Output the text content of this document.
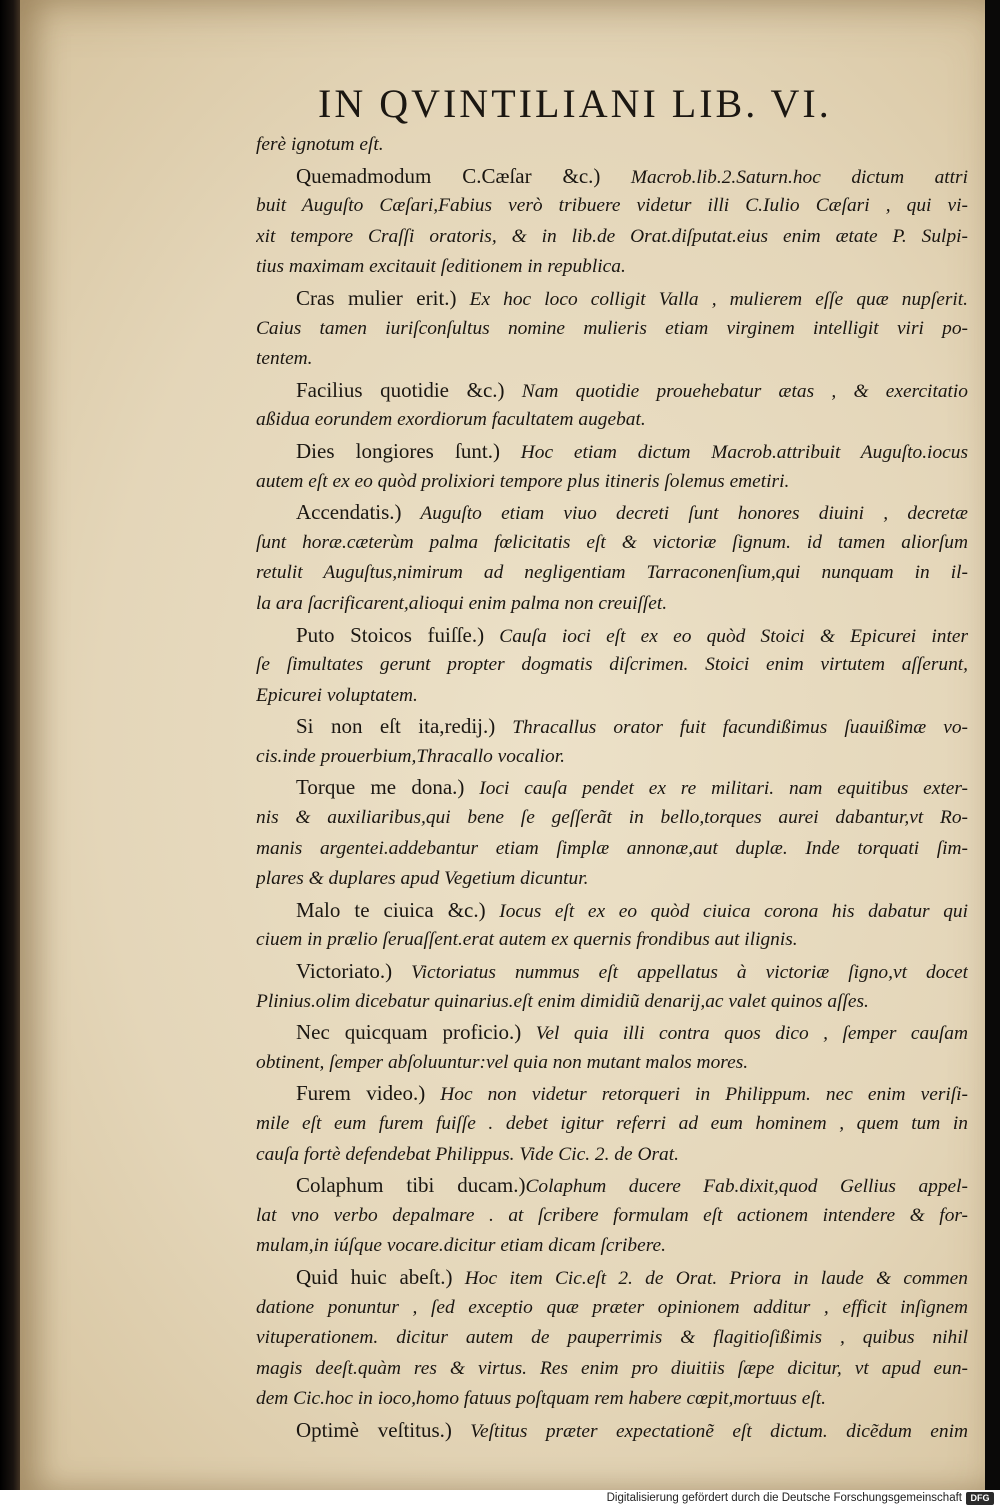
IN QVINTILIANI LIB. VI.
ferè ignotum eſt.
Quemadmodum C.Cæſar &c.) Macrob.lib.2.Saturn.hoc dictum attri
buit Auguſto Cæſari,Fabius verò tribuere videtur illi C.Iulio Cæſari , qui vi-
xit tempore Craſſi oratoris, & in lib.de Orat.diſputat.eius enim ætate P. Sulpi-
tius maximam excitauit ſeditionem in republica.
Cras mulier erit.) Ex hoc loco colligit Valla , mulierem eſſe quæ nupſerit.
Caius tamen iuriſconſultus nomine mulieris etiam virginem intelligit viri po-
tentem.
Facilius quotidie &c.) Nam quotidie prouehebatur ætas , & exercitatio
aßidua eorundem exordiorum facultatem augebat.
Dies longiores ſunt.) Hoc etiam dictum Macrob.attribuit Auguſto.iocus
autem eſt ex eo quòd prolixiori tempore plus itineris ſolemus emetiri.
Accendatis.) Auguſto etiam viuo decreti ſunt honores diuini , decretæ
ſunt horæ.cæterùm palma fœlicitatis eſt & victoriæ ſignum. id tamen aliorſum
retulit Auguſtus,nimirum ad negligentiam Tarraconenſium,qui nunquam in il-
la ara ſacrificarent,alioqui enim palma non creuiſſet.
Puto Stoicos fuiſſe.) Cauſa ioci eſt ex eo quòd Stoici & Epicurei inter
ſe ſimultates gerunt propter dogmatis diſcrimen. Stoici enim virtutem aſſerunt,
Epicurei voluptatem.
Si non eſt ita,redij.) Thracallus orator fuit facundißimus ſuauißimæ vo-
cis.inde prouerbium,Thracallo vocalior.
Torque me dona.) Ioci cauſa pendet ex re militari. nam equitibus exter-
nis & auxiliaribus,qui bene ſe geſſerãt in bello,torques aurei dabantur,vt Ro-
manis argentei.addebantur etiam ſimplæ annonæ,aut duplæ. Inde torquati ſim-
plares & duplares apud Vegetium dicuntur.
Malo te ciuica &c.) Iocus eſt ex eo quòd ciuica corona his dabatur qui
ciuem in prælio ſeruaſſent.erat autem ex quernis frondibus aut ilignis.
Victoriato.) Victoriatus nummus eſt appellatus à victoriæ ſigno,vt docet
Plinius.olim dicebatur quinarius.eſt enim dimidiũ denarij,ac valet quinos aſſes.
Nec quicquam proficio.) Vel quia illi contra quos dico , ſemper cauſam
obtinent, ſemper abſoluuntur:vel quia non mutant malos mores.
Furem video.) Hoc non videtur retorqueri in Philippum. nec enim veriſi-
mile eſt eum furem fuiſſe . debet igitur referri ad eum hominem , quem tum in
cauſa fortè defendebat Philippus. Vide Cic. 2. de Orat.
Colaphum tibi ducam.)Colaphum ducere Fab.dixit,quod Gellius appel-
lat vno verbo depalmare . at ſcribere formulam eſt actionem intendere & for-
mulam,in iúſque vocare.dicitur etiam dicam ſcribere.
Quid huic abeſt.) Hoc item Cic.eſt 2. de Orat. Priora in laude & commen
datione ponuntur , ſed exceptio quæ præter opinionem additur , efficit inſignem
vituperationem. dicitur autem de pauperrimis & flagitioſißimis , quibus nihil
magis deeſt.quàm res & virtus. Res enim pro diuitiis ſæpe dicitur, vt apud eun-
dem Cic.hoc in ioco,homo fatuus poſtquam rem habere cœpit,mortuus eſt.
Optimè veſtitus.) Veſtitus præter expectationẽ eſt dictum. dicẽdum enim
Digitalisierung gefördert durch die Deutsche Forschungsgemeinschaft DFG
